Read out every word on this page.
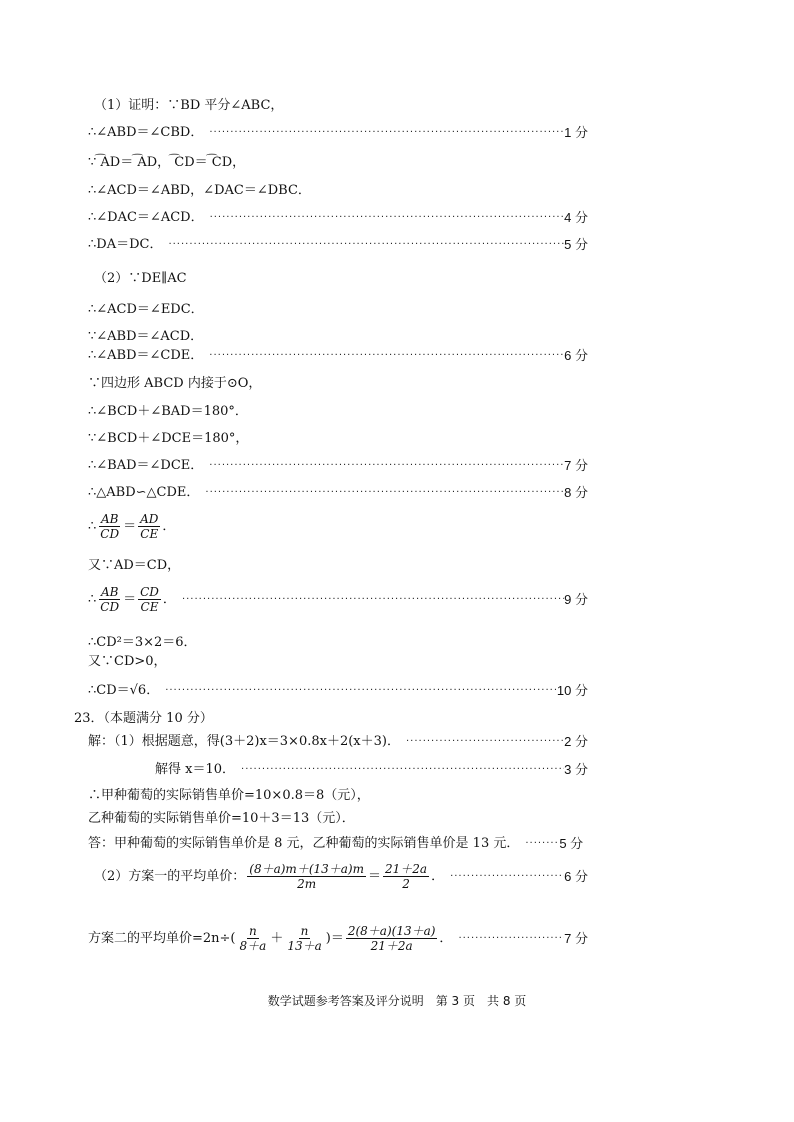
（1）证明：∵BD 平分∠ABC，
∴∠ABD＝∠CBD． ·····	1 分
∵ ͡AD＝ ͡AD， ͡CD＝ ͡CD，
∴∠ACD＝∠ABD，∠DAC＝∠DBC．
∴∠DAC＝∠ACD． ·····	4 分
∴DA＝DC． ·····	5 分
（2）∵DE∥AC
∴∠ACD＝∠EDC．
∵∠ABD＝∠ACD．
∴∠ABD＝∠CDE． ·····	6 分
∵四边形 ABCD 内接于⊙O，
∴∠BCD＋∠BAD＝180°．
∵∠BCD＋∠DCE＝180°，
∴∠BAD＝∠DCE． ·····	7 分
∴△ABD∽△CDE． ·····	8 分
∴ $\frac{AB}{CD} = \frac{AD}{CE}$ ．
又∵AD＝CD，
∴ $\frac{AB}{CD} = \frac{CD}{CE}$ ． ·····	9 分
∴CD²＝3×2＝6．
又∵CD>0，
∴CD＝√6． ·····	10 分
23．（本题满分 10 分）
解：（1）根据题意，得(3＋2)x＝3×0.8x＋2(x＋3)． ·····	2 分
解得 x＝10． ·····	3 分
∴甲种葡萄的实际销售单价=10×0.8＝8（元），
乙种葡萄的实际销售单价=10＋3＝13（元）．
答：甲种葡萄的实际销售单价是 8 元，乙种葡萄的实际销售单价是 13 元． ·····	5 分
（2）方案一的平均单价： $\frac{(8+a)m+(13+a)m}{2m} = \frac{21+2a}{2}$ ． ·····	6 分
方案二的平均单价$=2n\div( \frac{n}{8+a} + \frac{n}{13+a}$ )＝ $\frac{2(8+a)(13+a)}{21+2a}$ ． ·····	7 分
数学试题参考答案及评分说明　第 3 页　共 8 页
